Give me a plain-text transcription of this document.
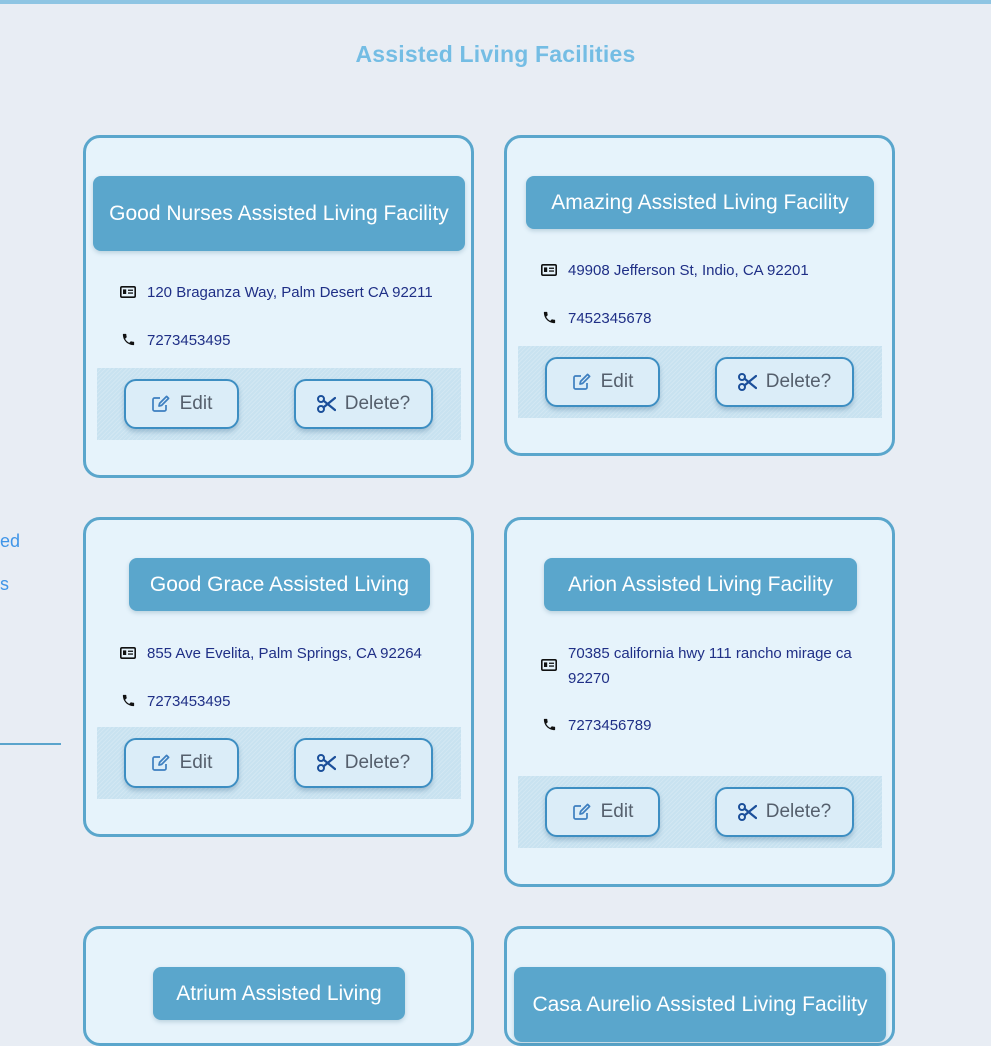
Assisted Living Facilities
ed
s
Good Nurses Assisted Living Facility
120 Braganza Way, Palm Desert CA 92211
7273453495
Edit	Delete?
Amazing Assisted Living Facility
49908 Jefferson St, Indio, CA 92201
7452345678
Edit	Delete?
Good Grace Assisted Living
855 Ave Evelita, Palm Springs, CA 92264
7273453495
Edit	Delete?
Arion Assisted Living Facility
70385 california hwy 111 rancho mirage ca 92270
7273456789
Edit	Delete?
Atrium Assisted Living	Casa Aurelio Assisted Living Facility
